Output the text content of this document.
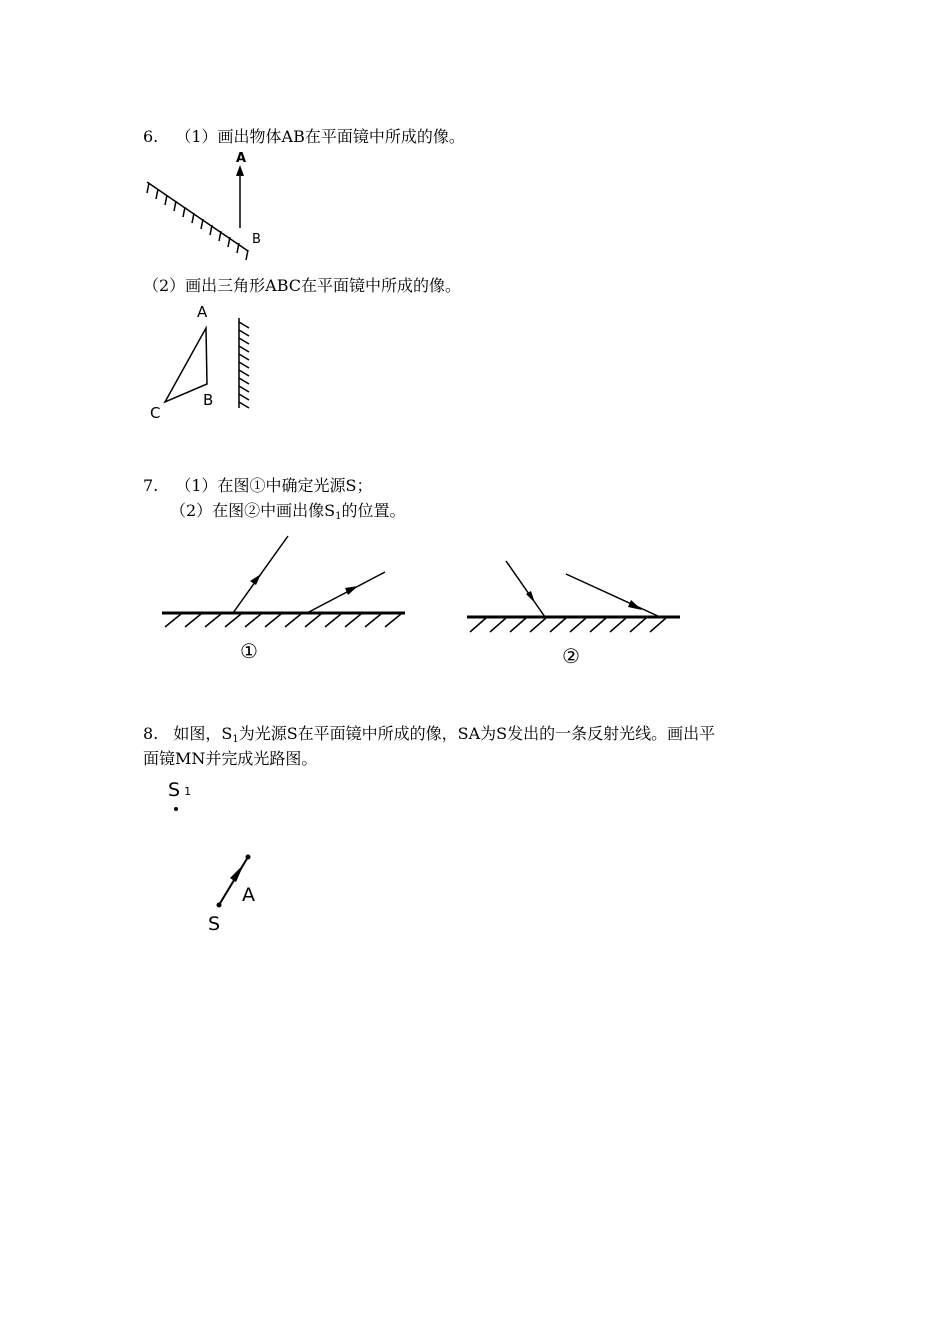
6. （1）画出物体AB在平面镜中所成的像。
A
B
（2）画出三角形ABC在平面镜中所成的像。
A
B
C
7. （1）在图①中确定光源S；
（2）在图②中画出像$S_1$的位置。
①	②
8. 如图，$S_1$为光源S在平面镜中所成的像，SA为S发出的一条反射光线。画出平
面镜MN并完成光路图。
S 1
A
S
